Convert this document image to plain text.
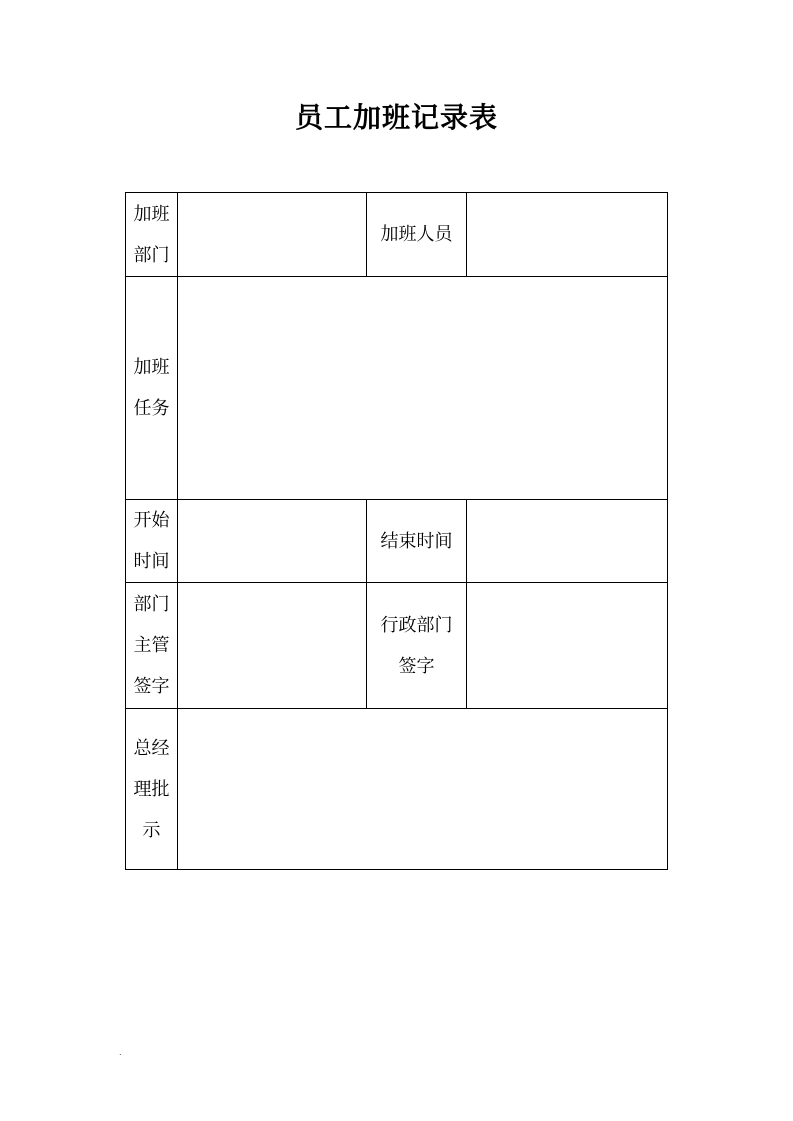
员工加班记录表
加班
部门		加班人员	

加班
任务			

开始
时间		结束时间	

部门
主管
签字		行政部门
签字	

总经
理批
示			

.
